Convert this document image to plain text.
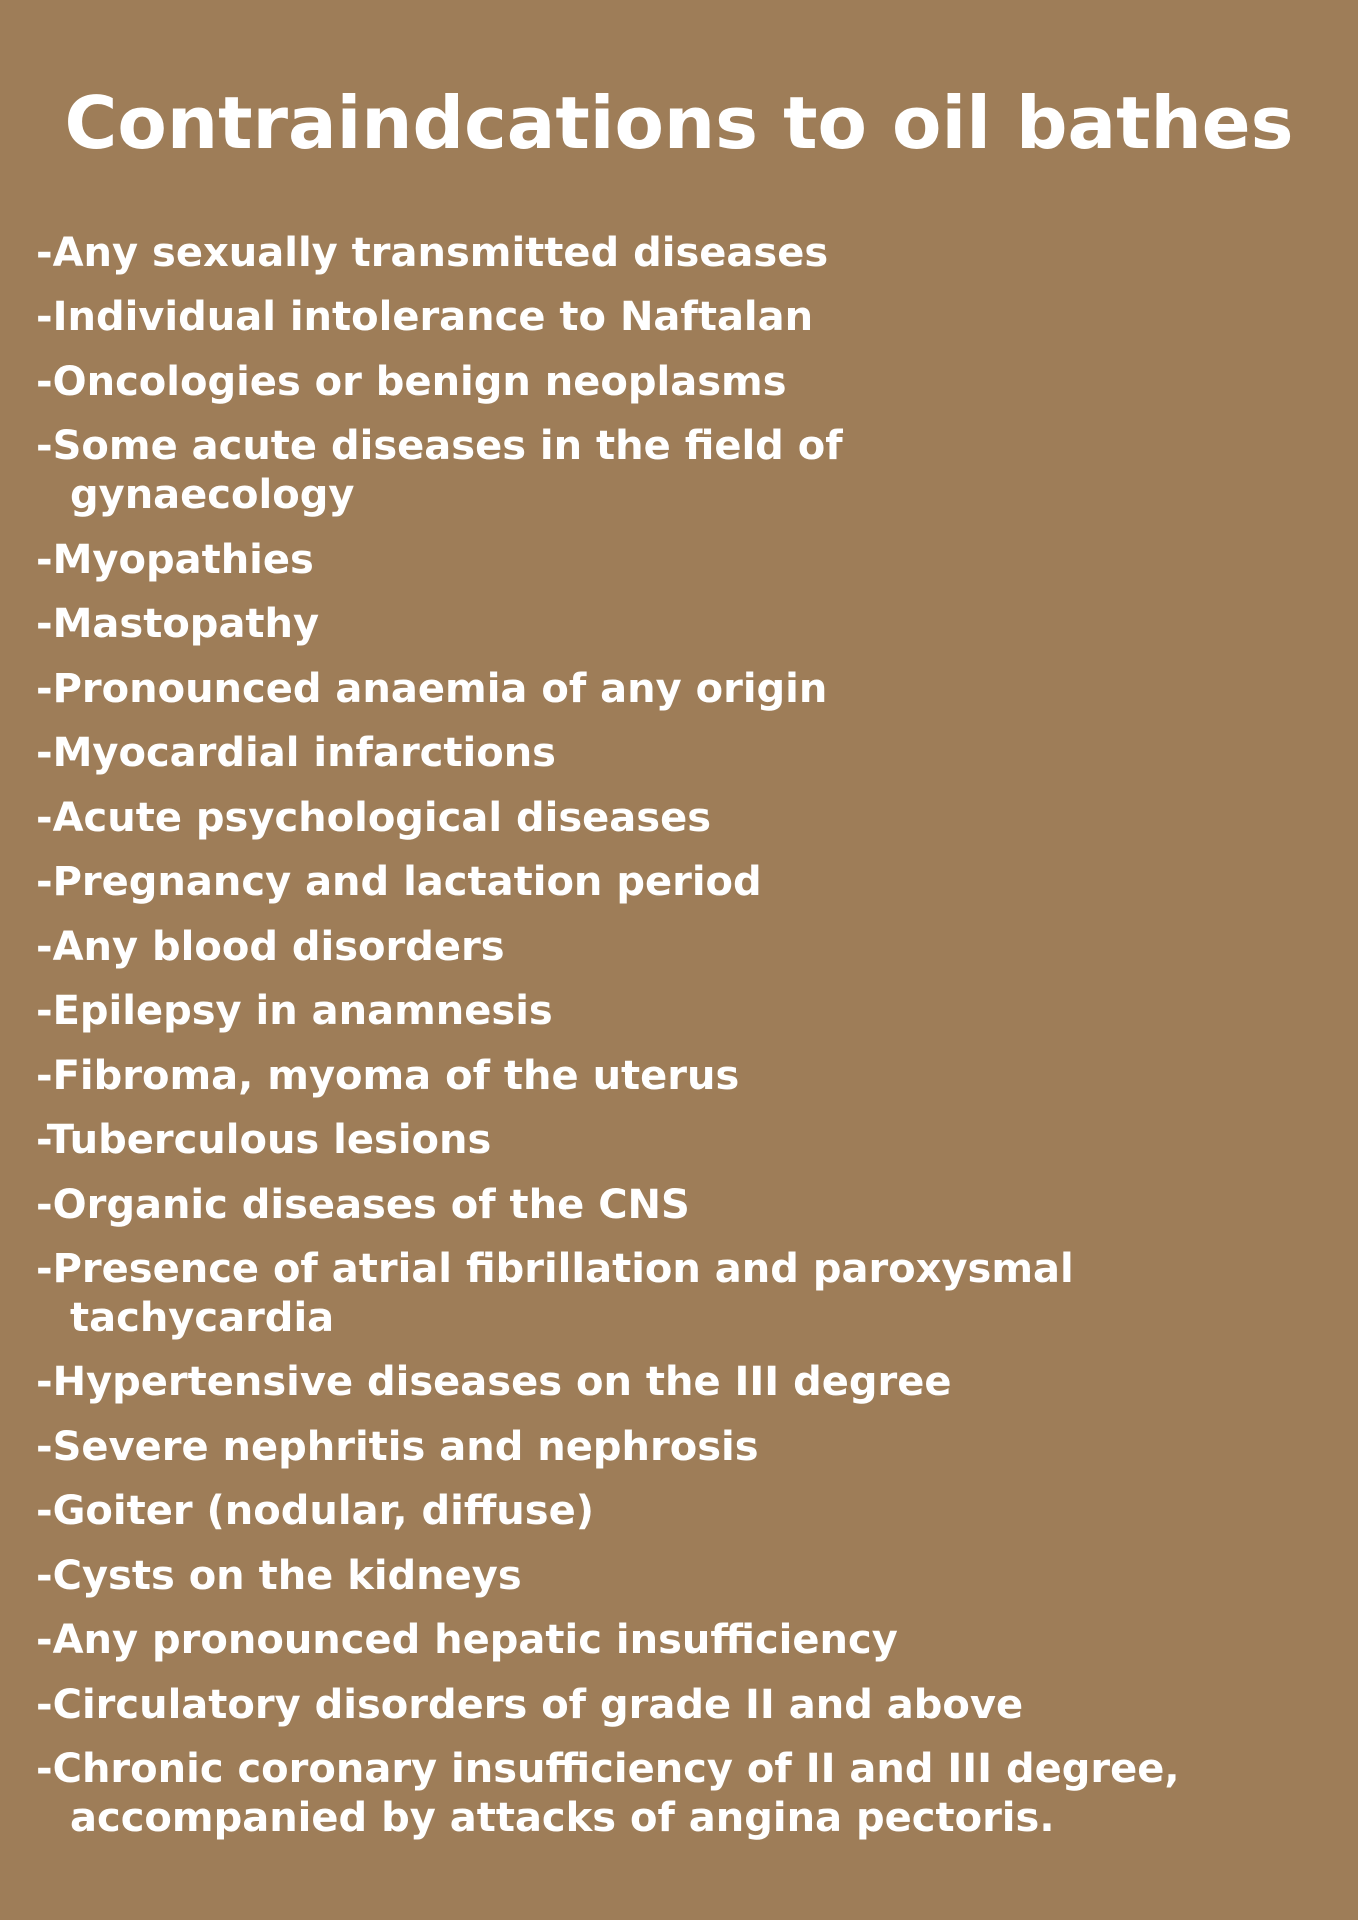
Contraindcations to oil bathes
-Any sexually transmitted diseases
-Individual intolerance to Naftalan
-Oncologies or benign neoplasms
-Some acute diseases in the field of
gynaecology
-Myopathies
-Mastopathy
-Pronounced anaemia of any origin
-Myocardial infarctions
-Acute psychological diseases
-Pregnancy and lactation period
-Any blood disorders
-Epilepsy in anamnesis
-Fibroma, myoma of the uterus
-Tuberculous lesions
-Organic diseases of the CNS
-Presence of atrial fibrillation and paroxysmal
tachycardia
-Hypertensive diseases on the III degree
-Severe nephritis and nephrosis
-Goiter (nodular, diffuse)
-Cysts on the kidneys
-Any pronounced hepatic insufficiency
-Circulatory disorders of grade II and above
-Chronic coronary insufficiency of II and III degree,
accompanied by attacks of angina pectoris.
